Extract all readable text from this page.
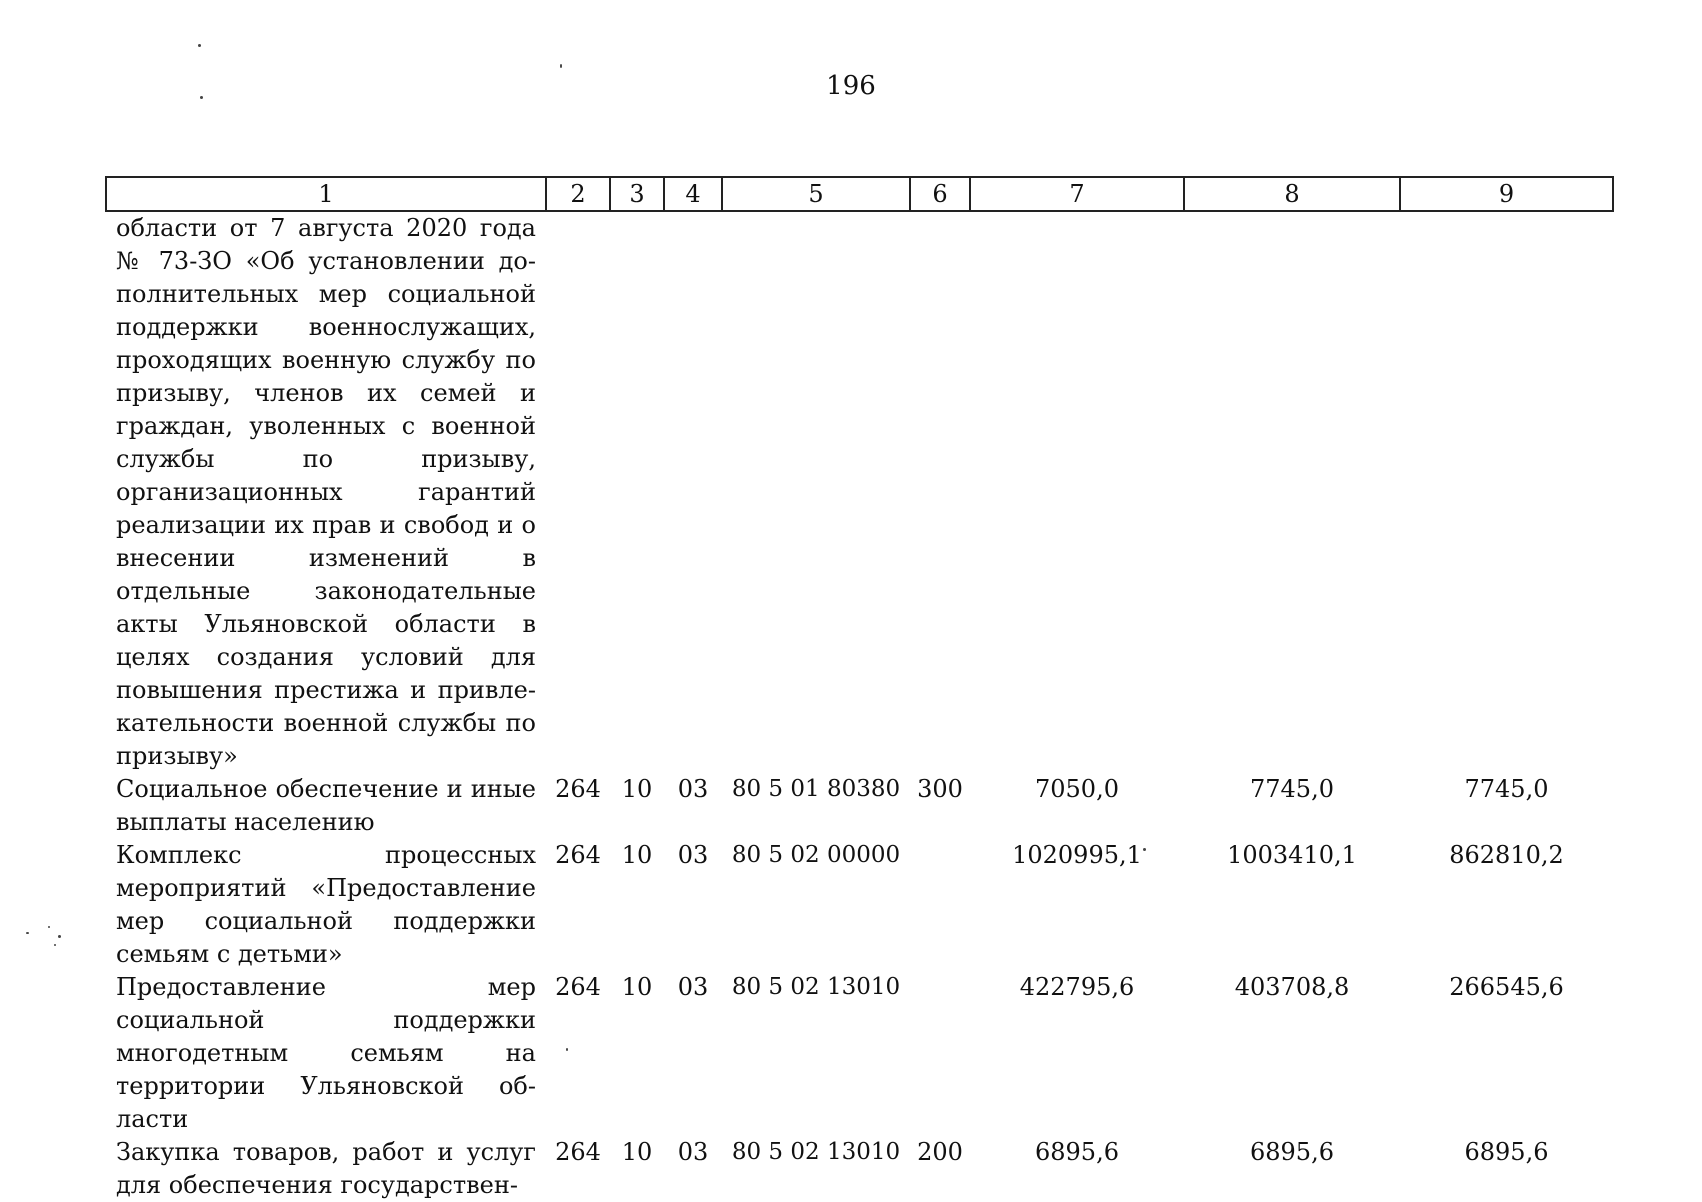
196
1	2	3	4	5	6	7	8	9
области от 7 августа 2020 года № 73-ЗО «Об установлении дополнительных мер социальной поддержки военнослужащих, проходящих военную службу по призыву, членов их семей и граждан, уволенных с военной службы по призыву, организационных гарантий реализации их прав и свобод и о внесении изменений в отдельные законодательные акты Ульяновской области в целях создания условий для повышения престижа и привлекательности военной службы по призыву»								
Социальное обеспечение и иные выплаты населению	264	10	03	80 5 01 80380	300	7050,0	7745,0	7745,0
Комплекс процессных мероприятий «Предоставление мер социальной поддержки семьям с детьми»	264	10	03	80 5 02 00000		1020995,1	1003410,1	862810,2
Предоставление мер социальной поддержки многодетным семьям на территории Ульяновской области	264	10	03	80 5 02 13010		422795,6	403708,8	266545,6
Закупка товаров, работ и услуг для обеспечения государствен-	264	10	03	80 5 02 13010	200	6895,6	6895,6	6895,6
